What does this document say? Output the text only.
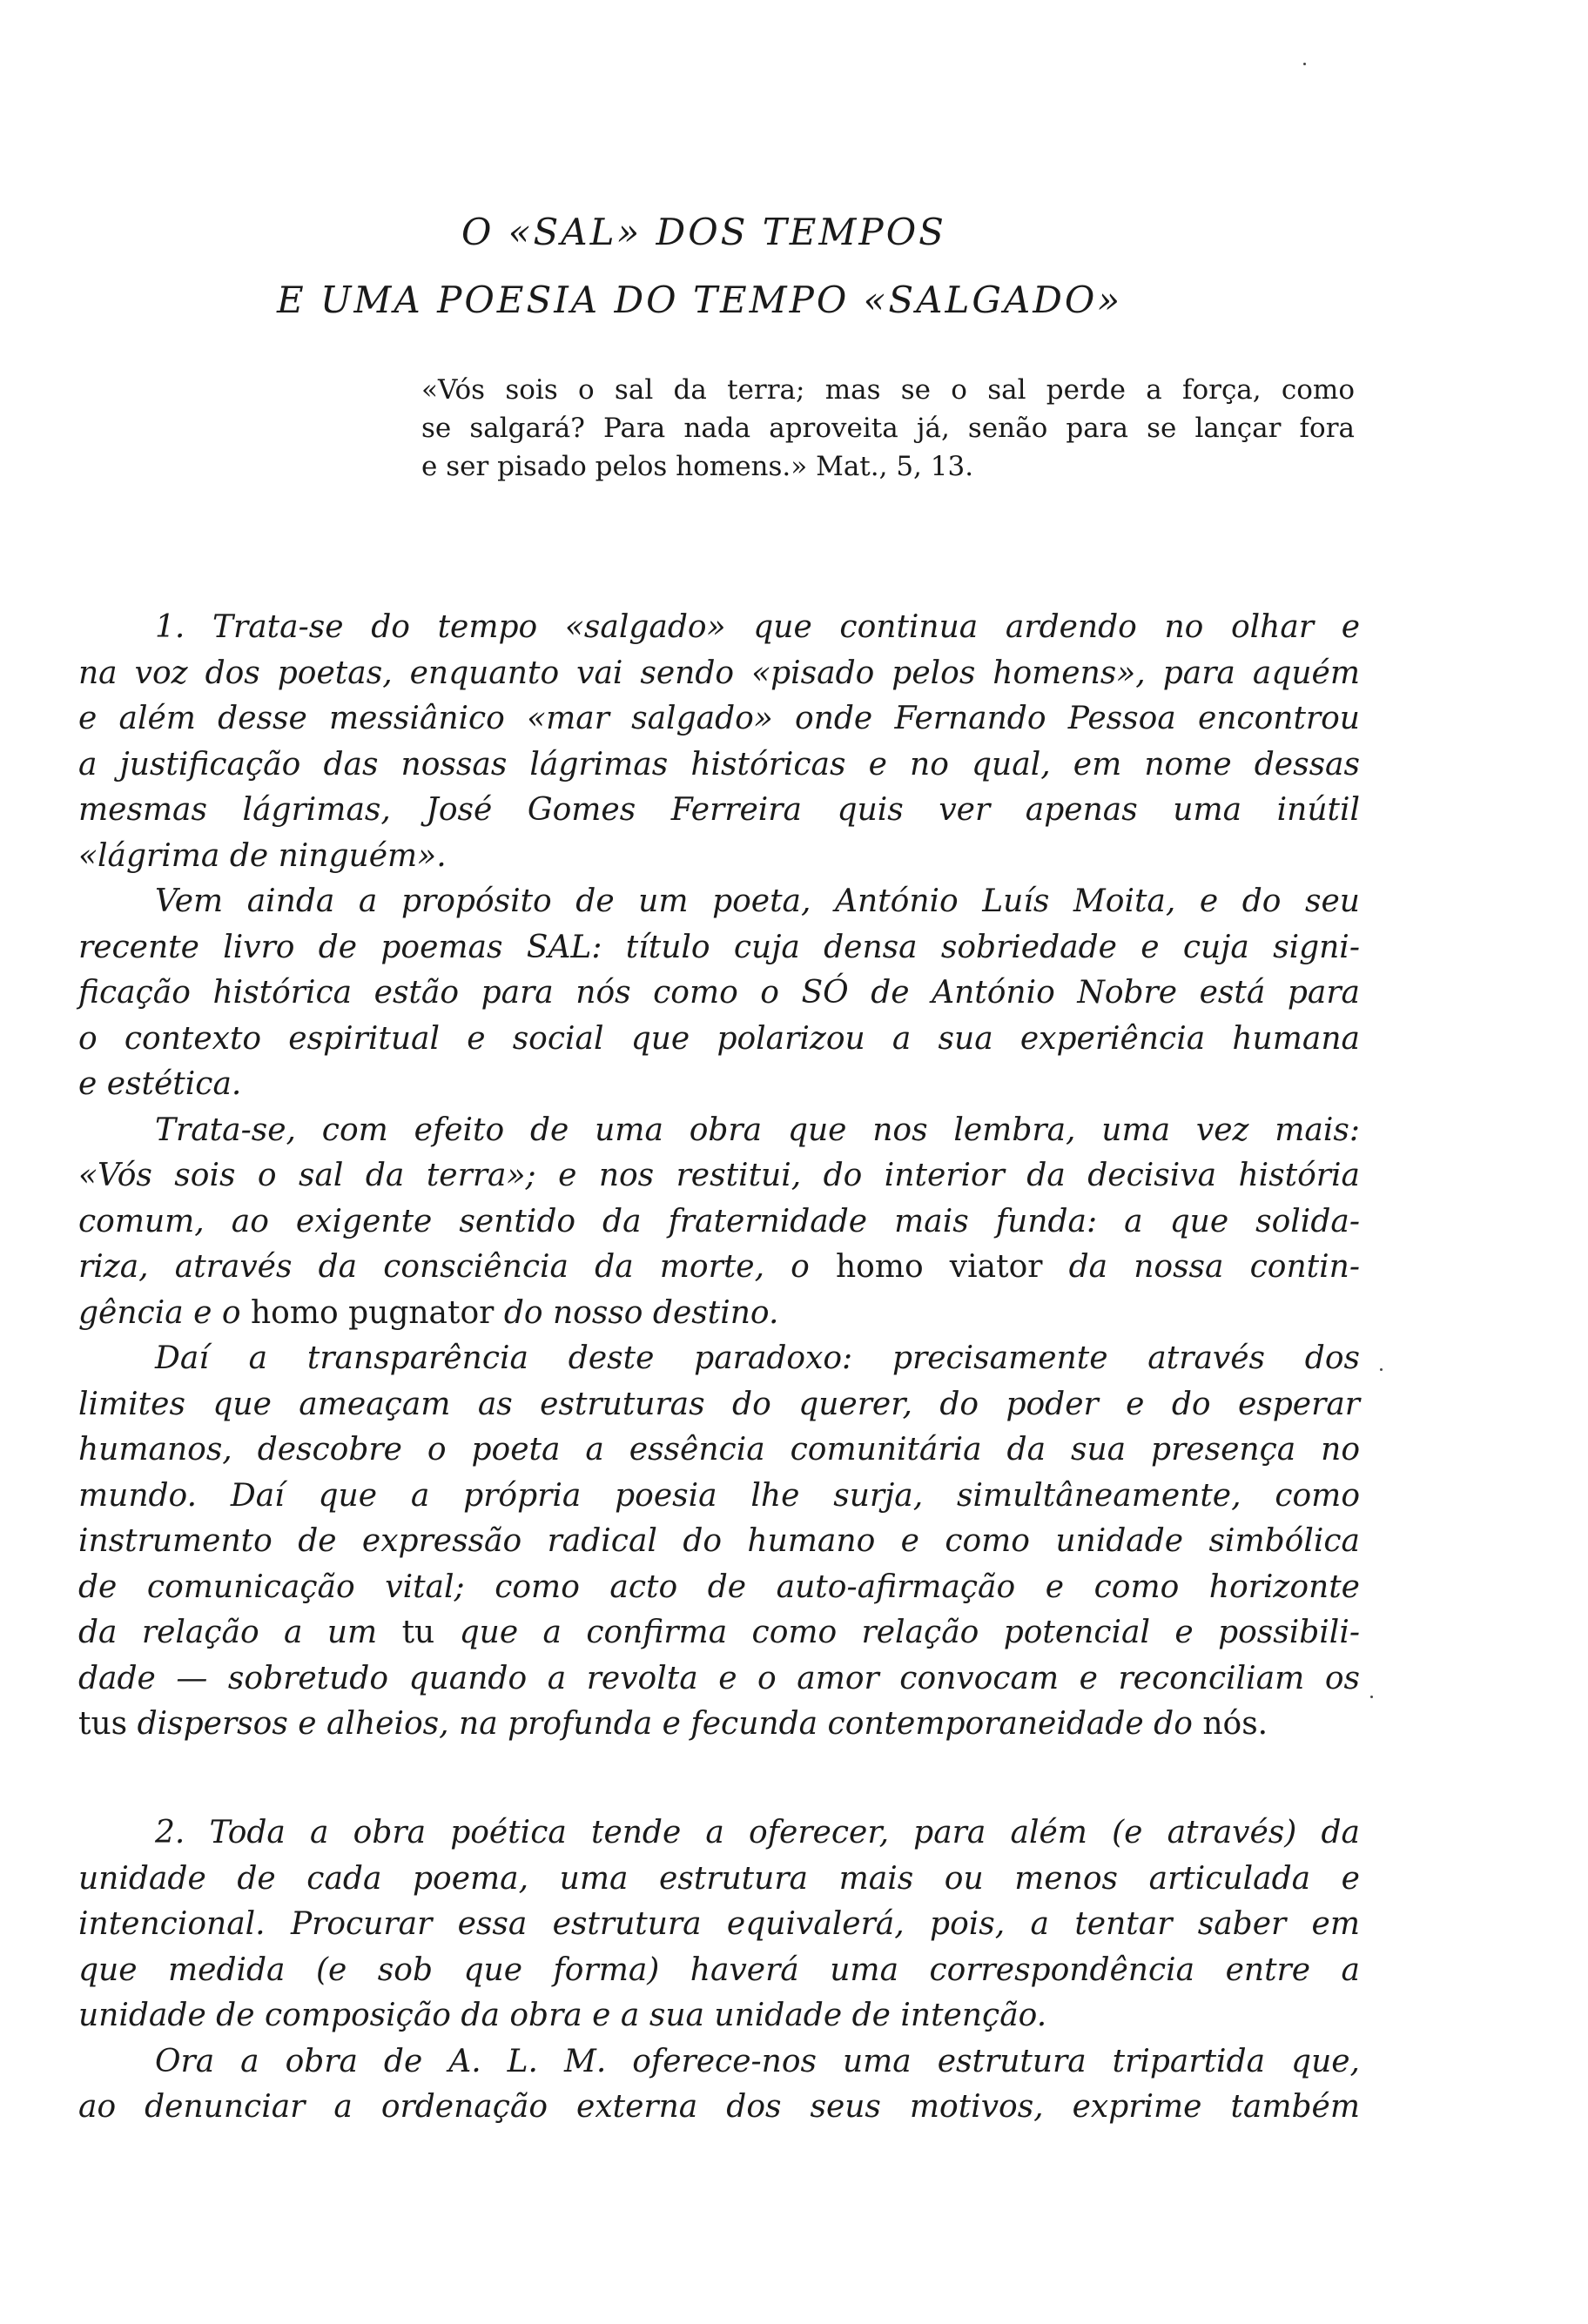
O «SAL» DOS TEMPOS
E UMA POESIA DO TEMPO «SALGADO»
«Vós sois o sal da terra; mas se o sal perde a força, como
se salgará? Para nada aproveita já, senão para se lançar fora
e ser pisado pelos homens.» Mat., 5, 13.
1. Trata-se do tempo «salgado» que continua ardendo no olhar e
na voz dos poetas, enquanto vai sendo «pisado pelos homens», para aquém
e além desse messiânico «mar salgado» onde Fernando Pessoa encontrou
a justificação das nossas lágrimas históricas e no qual, em nome dessas
mesmas lágrimas, José Gomes Ferreira quis ver apenas uma inútil
«lágrima de ninguém».
Vem ainda a propósito de um poeta, António Luís Moita, e do seu
recente livro de poemas SAL: título cuja densa sobriedade e cuja signi-
ficação histórica estão para nós como o SÓ de António Nobre está para
o contexto espiritual e social que polarizou a sua experiência humana
e estética.
Trata-se, com efeito de uma obra que nos lembra, uma vez mais:
«Vós sois o sal da terra»; e nos restitui, do interior da decisiva história
comum, ao exigente sentido da fraternidade mais funda: a que solida-
riza, através da consciência da morte, o homo viator da nossa contin-
gência e o homo pugnator do nosso destino.
Daí a transparência deste paradoxo: precisamente através dos
limites que ameaçam as estruturas do querer, do poder e do esperar
humanos, descobre o poeta a essência comunitária da sua presença no
mundo. Daí que a própria poesia lhe surja, simultâneamente, como
instrumento de expressão radical do humano e como unidade simbólica
de comunicação vital; como acto de auto-afirmação e como horizonte
da relação a um tu que a confirma como relação potencial e possibili-
dade — sobretudo quando a revolta e o amor convocam e reconciliam os
tus dispersos e alheios, na profunda e fecunda contemporaneidade do nós.
2. Toda a obra poética tende a oferecer, para além (e através) da
unidade de cada poema, uma estrutura mais ou menos articulada e
intencional. Procurar essa estrutura equivalerá, pois, a tentar saber em
que medida (e sob que forma) haverá uma correspondência entre a
unidade de composição da obra e a sua unidade de intenção.
Ora a obra de A. L. M. oferece-nos uma estrutura tripartida que,
ao denunciar a ordenação externa dos seus motivos, exprime também
